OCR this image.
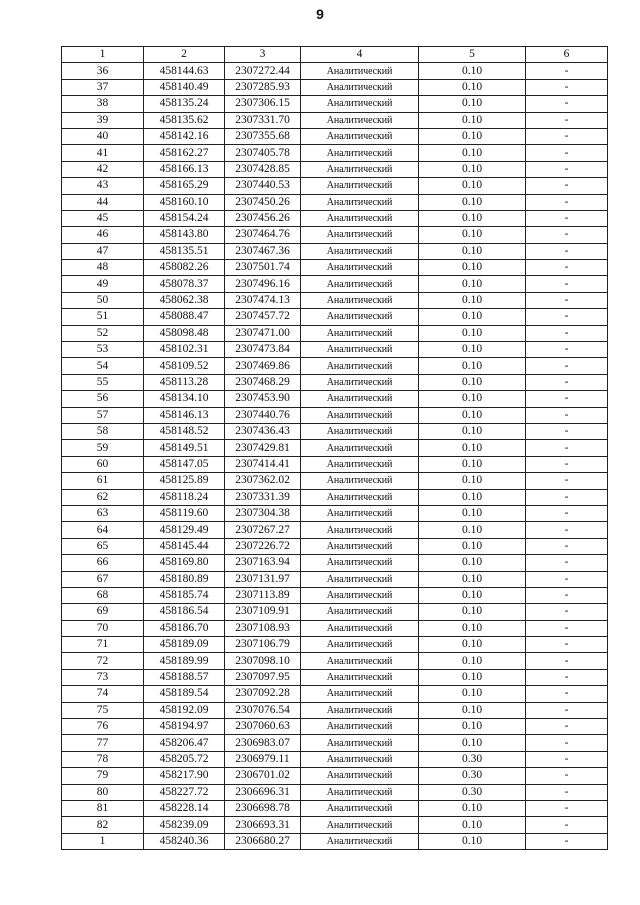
9
1	2	3	4	5	6
36	458144.63	2307272.44	Аналитический	0.10	-
37	458140.49	2307285.93	Аналитический	0.10	-
38	458135.24	2307306.15	Аналитический	0.10	-
39	458135.62	2307331.70	Аналитический	0.10	-
40	458142.16	2307355.68	Аналитический	0.10	-
41	458162.27	2307405.78	Аналитический	0.10	-
42	458166.13	2307428.85	Аналитический	0.10	-
43	458165.29	2307440.53	Аналитический	0.10	-
44	458160.10	2307450.26	Аналитический	0.10	-
45	458154.24	2307456.26	Аналитический	0.10	-
46	458143.80	2307464.76	Аналитический	0.10	-
47	458135.51	2307467.36	Аналитический	0.10	-
48	458082.26	2307501.74	Аналитический	0.10	-
49	458078.37	2307496.16	Аналитический	0.10	-
50	458062.38	2307474.13	Аналитический	0.10	-
51	458088.47	2307457.72	Аналитический	0.10	-
52	458098.48	2307471.00	Аналитический	0.10	-
53	458102.31	2307473.84	Аналитический	0.10	-
54	458109.52	2307469.86	Аналитический	0.10	-
55	458113.28	2307468.29	Аналитический	0.10	-
56	458134.10	2307453.90	Аналитический	0.10	-
57	458146.13	2307440.76	Аналитический	0.10	-
58	458148.52	2307436.43	Аналитический	0.10	-
59	458149.51	2307429.81	Аналитический	0.10	-
60	458147.05	2307414.41	Аналитический	0.10	-
61	458125.89	2307362.02	Аналитический	0.10	-
62	458118.24	2307331.39	Аналитический	0.10	-
63	458119.60	2307304.38	Аналитический	0.10	-
64	458129.49	2307267.27	Аналитический	0.10	-
65	458145.44	2307226.72	Аналитический	0.10	-
66	458169.80	2307163.94	Аналитический	0.10	-
67	458180.89	2307131.97	Аналитический	0.10	-
68	458185.74	2307113.89	Аналитический	0.10	-
69	458186.54	2307109.91	Аналитический	0.10	-
70	458186.70	2307108.93	Аналитический	0.10	-
71	458189.09	2307106.79	Аналитический	0.10	-
72	458189.99	2307098.10	Аналитический	0.10	-
73	458188.57	2307097.95	Аналитический	0.10	-
74	458189.54	2307092.28	Аналитический	0.10	-
75	458192.09	2307076.54	Аналитический	0.10	-
76	458194.97	2307060.63	Аналитический	0.10	-
77	458206.47	2306983.07	Аналитический	0.10	-
78	458205.72	2306979.11	Аналитический	0.30	-
79	458217.90	2306701.02	Аналитический	0.30	-
80	458227.72	2306696.31	Аналитический	0.30	-
81	458228.14	2306698.78	Аналитический	0.10	-
82	458239.09	2306693.31	Аналитический	0.10	-
1	458240.36	2306680.27	Аналитический	0.10	-
